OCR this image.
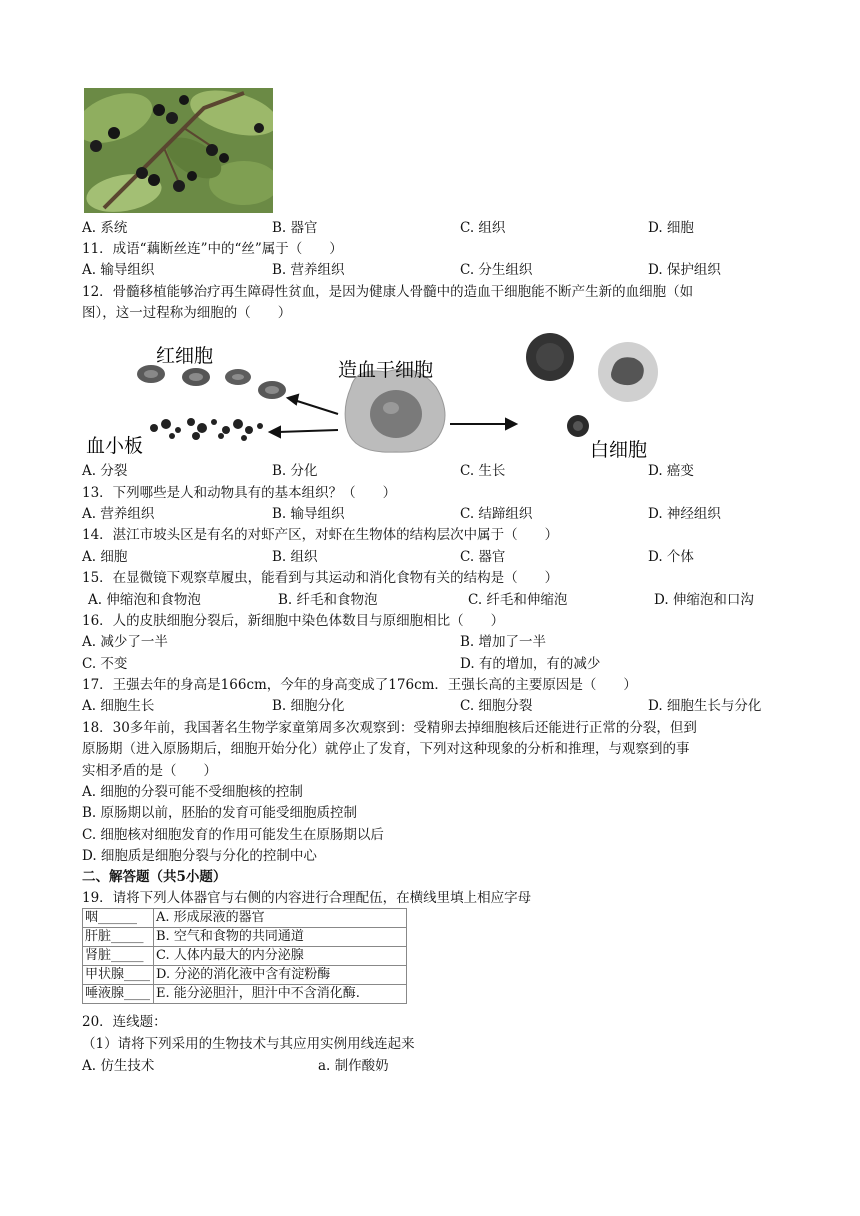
A. 系统	B. 器官	C. 组织	D. 细胞
11．成语“藕断丝连”中的“丝”属于（　　）
A. 输导组织	B. 营养组织	C. 分生组织	D. 保护组织
12．骨髓移植能够治疗再生障碍性贫血，是因为健康人骨髓中的造血干细胞能不断产生新的血细胞（如
图），这一过程称为细胞的（　　）
红细胞
血小板
造血干细胞
白细胞
A. 分裂	B. 分化	C. 生长	D. 癌变
13．下列哪些是人和动物具有的基本组织？（　　）
A. 营养组织	B. 输导组织	C. 结蹄组织	D. 神经组织
14．湛江市坡头区是有名的对虾产区，对虾在生物体的结构层次中属于（　　）
A. 细胞	B. 组织	C. 器官	D. 个体
15．在显微镜下观察草履虫，能看到与其运动和消化食物有关的结构是（　　）
A. 伸缩泡和食物泡	B. 纤毛和食物泡	C. 纤毛和伸缩泡	D. 伸缩泡和口沟
16．人的皮肤细胞分裂后，新细胞中染色体数目与原细胞相比（　　）
A. 减少了一半	B. 增加了一半
C. 不变	D. 有的增加，有的减少
17．王强去年的身高是166cm，今年的身高变成了176cm．王强长高的主要原因是（　　）
A. 细胞生长	B. 细胞分化	C. 细胞分裂	D. 细胞生长与分化
18．30多年前，我国著名生物学家童第周多次观察到：受精卵去掉细胞核后还能进行正常的分裂，但到
原肠期（进入原肠期后，细胞开始分化）就停止了发育，下列对这种现象的分析和推理，与观察到的事
实相矛盾的是（　　）
A. 细胞的分裂可能不受细胞核的控制
B. 原肠期以前，胚胎的发育可能受细胞质控制
C. 细胞核对细胞发育的作用可能发生在原肠期以后
D. 细胞质是细胞分裂与分化的控制中心
二、解答题（共5小题）
19．请将下列人体器官与右侧的内容进行合理配伍，在横线里填上相应字母
咽______	A. 形成尿液的器官
肝脏_____	B. 空气和食物的共同通道
肾脏_____	C. 人体内最大的内分泌腺
甲状腺____	D. 分泌的消化液中含有淀粉酶
唾液腺____	E. 能分泌胆汁，胆汁中不含消化酶.
20．连线题：
（1）请将下列采用的生物技术与其应用实例用线连起来
A. 仿生技术	a. 制作酸奶
